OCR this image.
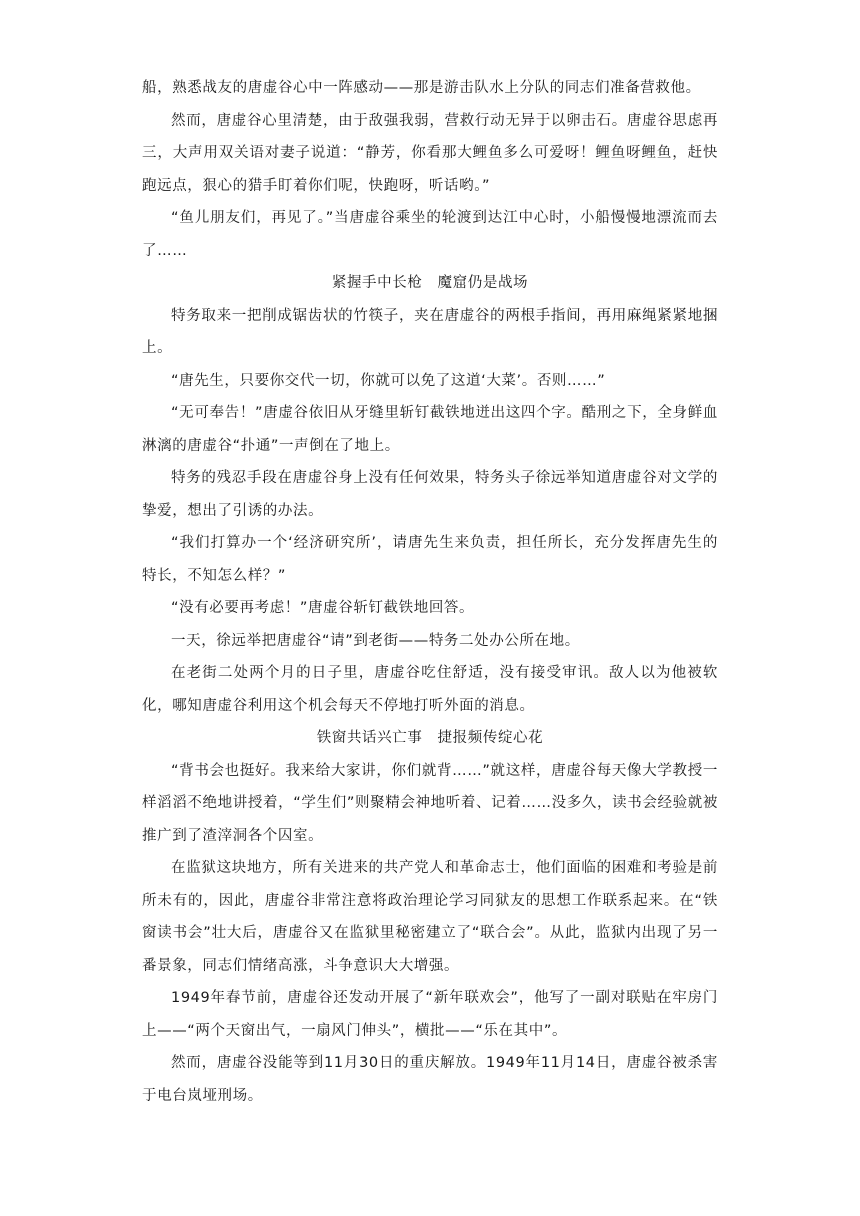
船，熟悉战友的唐虚谷心中一阵感动——那是游击队水上分队的同志们准备营救他。

然而，唐虚谷心里清楚，由于敌强我弱，营救行动无异于以卵击石。唐虚谷思虑再三，大声用双关语对妻子说道：“静芳，你看那大鲤鱼多么可爱呀！鲤鱼呀鲤鱼，赶快跑远点，狠心的猎手盯着你们呢，快跑呀，听话哟。”

“鱼儿朋友们，再见了。”当唐虚谷乘坐的轮渡到达江中心时，小船慢慢地漂流而去了……

紧握手中长枪　魔窟仍是战场

特务取来一把削成锯齿状的竹筷子，夹在唐虚谷的两根手指间，再用麻绳紧紧地捆上。

“唐先生，只要你交代一切，你就可以免了这道‘大菜’。否则……”

“无可奉告！”唐虚谷依旧从牙缝里斩钉截铁地迸出这四个字。酷刑之下，全身鲜血淋漓的唐虚谷“扑通”一声倒在了地上。

特务的残忍手段在唐虚谷身上没有任何效果，特务头子徐远举知道唐虚谷对文学的挚爱，想出了引诱的办法。

“我们打算办一个‘经济研究所’，请唐先生来负责，担任所长，充分发挥唐先生的特长，不知怎么样？”

“没有必要再考虑！”唐虚谷斩钉截铁地回答。

一天，徐远举把唐虚谷“请”到老街——特务二处办公所在地。

在老街二处两个月的日子里，唐虚谷吃住舒适，没有接受审讯。敌人以为他被软化，哪知唐虚谷利用这个机会每天不停地打听外面的消息。

铁窗共话兴亡事　捷报频传绽心花

“背书会也挺好。我来给大家讲，你们就背……”就这样，唐虚谷每天像大学教授一样滔滔不绝地讲授着，“学生们”则聚精会神地听着、记着……没多久，读书会经验就被推广到了渣滓洞各个囚室。

在监狱这块地方，所有关进来的共产党人和革命志士，他们面临的困难和考验是前所未有的，因此，唐虚谷非常注意将政治理论学习同狱友的思想工作联系起来。在“铁窗读书会”壮大后，唐虚谷又在监狱里秘密建立了“联合会”。从此，监狱内出现了另一番景象，同志们情绪高涨，斗争意识大大增强。

1949年春节前，唐虚谷还发动开展了“新年联欢会”，他写了一副对联贴在牢房门上——“两个天窗出气，一扇风门伸头”，横批——“乐在其中”。

然而，唐虚谷没能等到11月30日的重庆解放。1949年11月14日，唐虚谷被杀害于电台岚垭刑场。
